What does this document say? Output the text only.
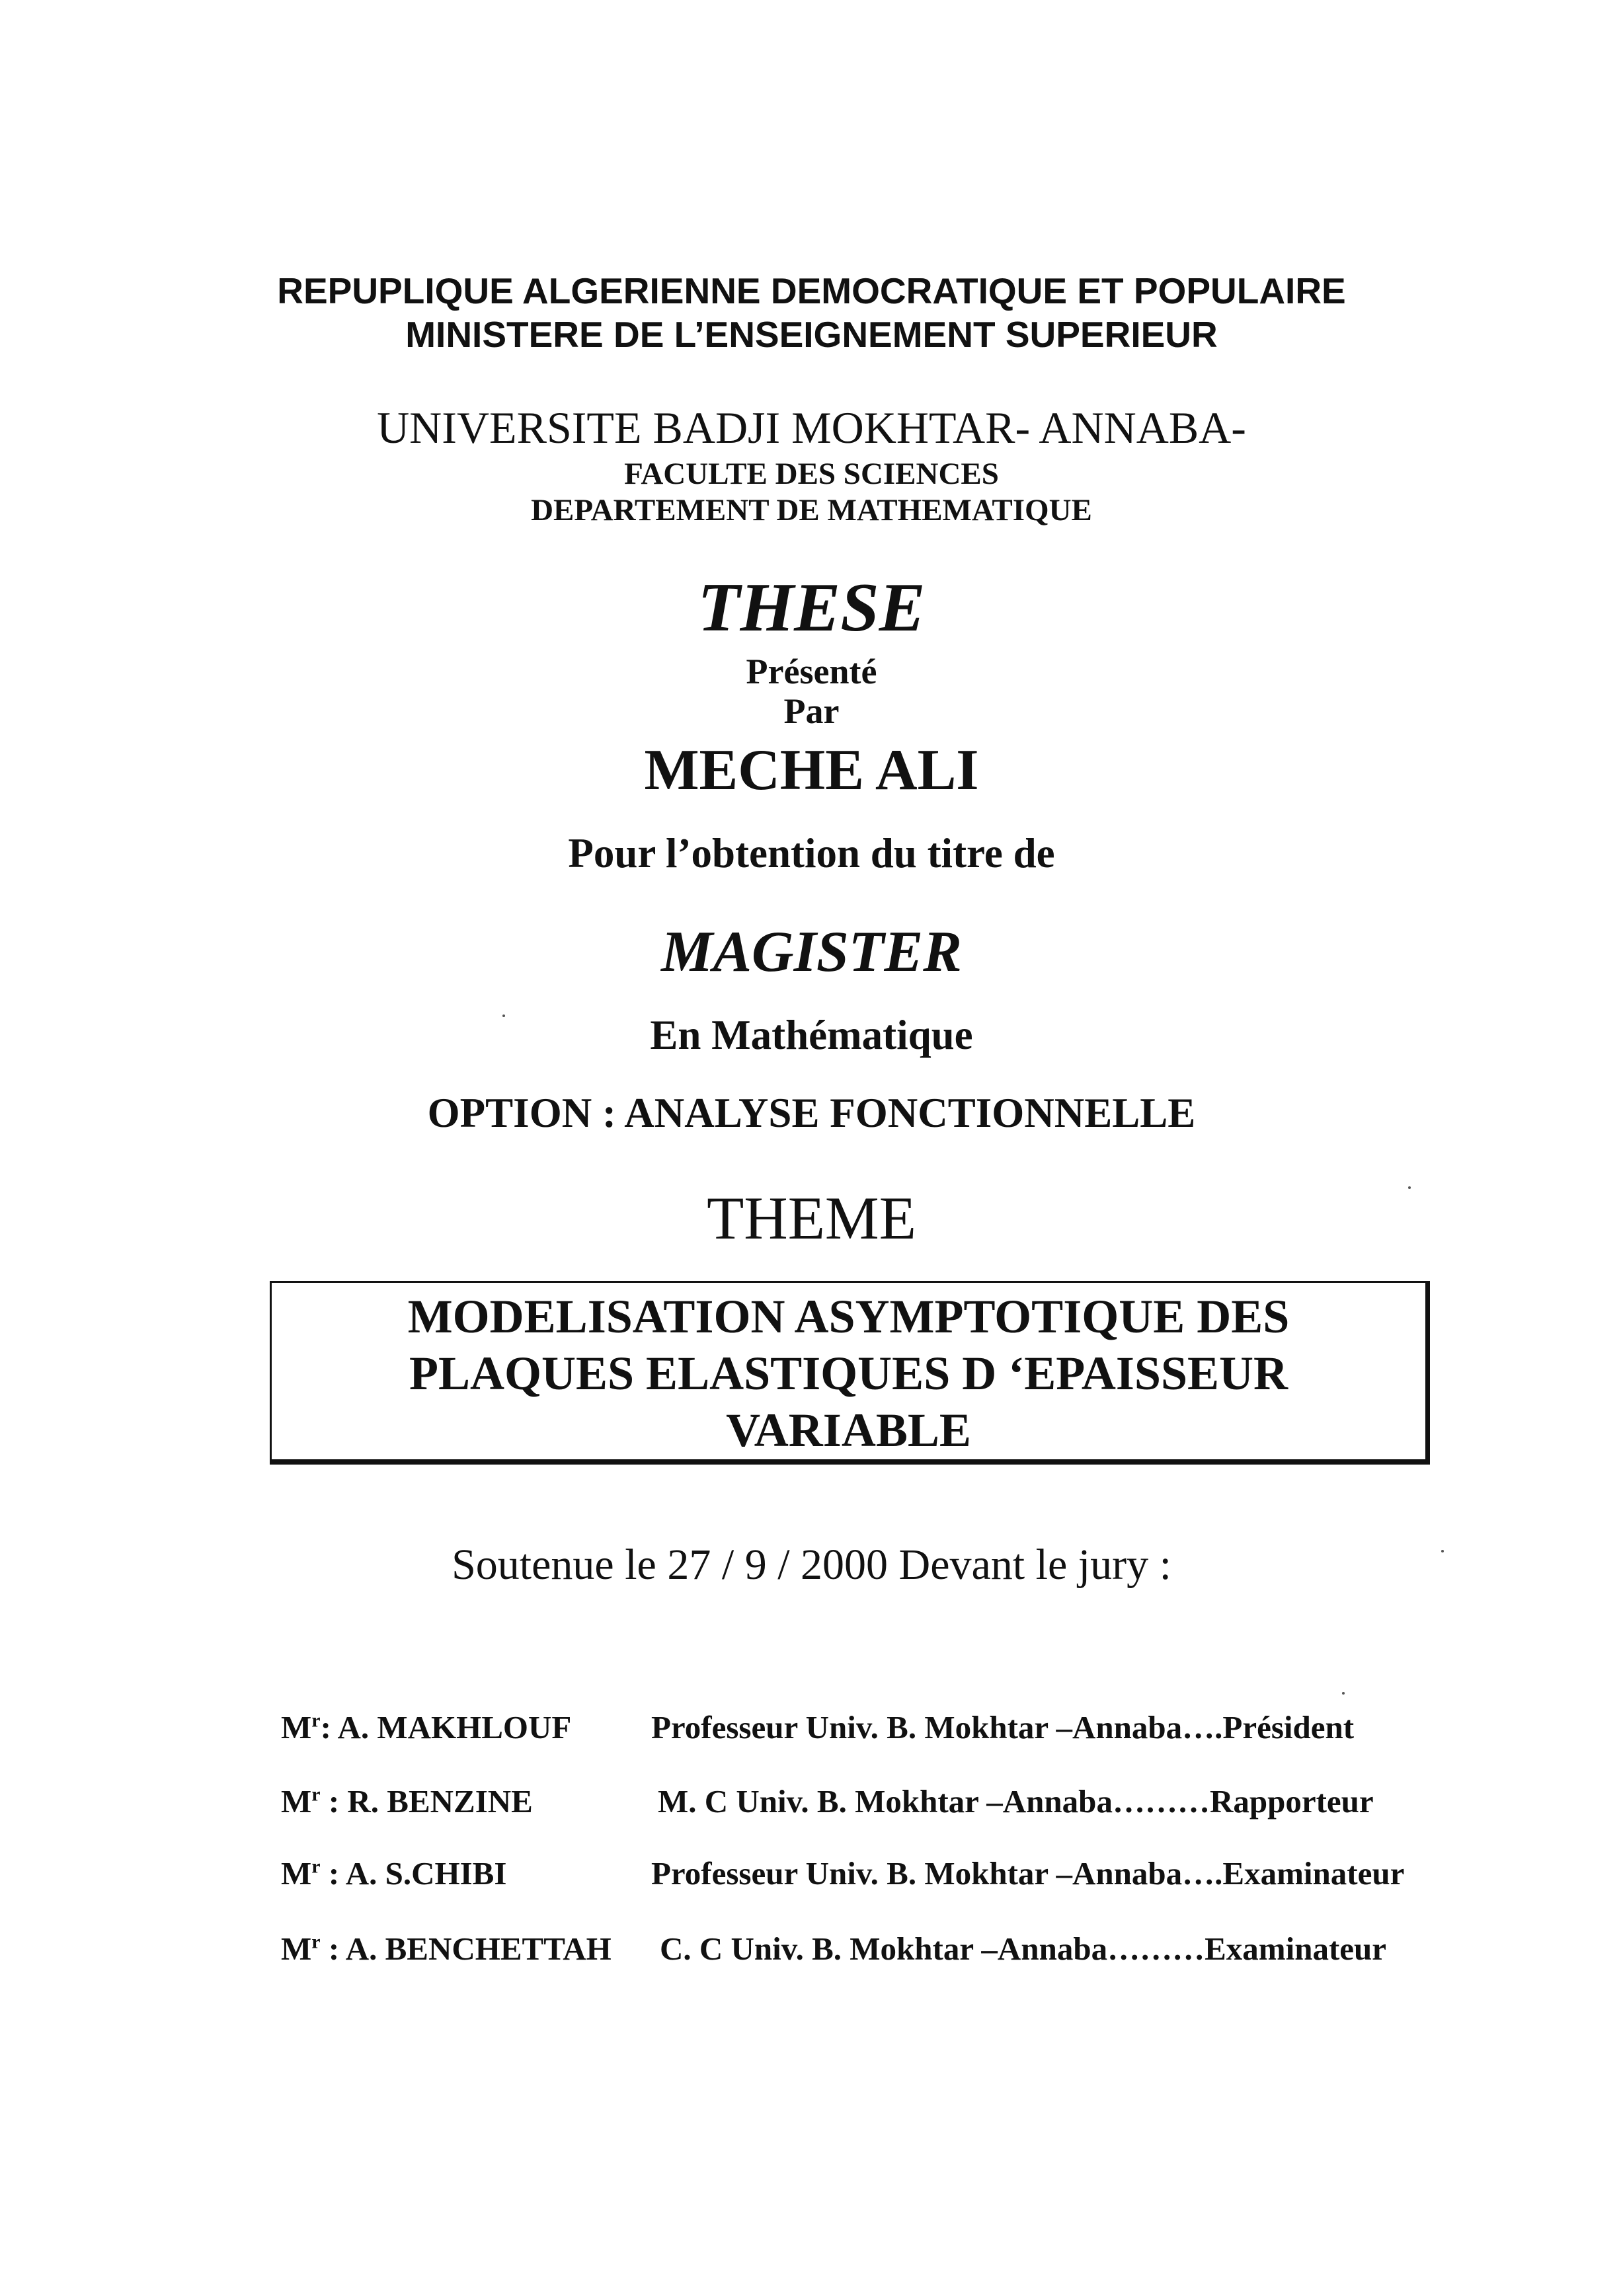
REPUPLIQUE ALGERIENNE DEMOCRATIQUE ET POPULAIRE
MINISTERE DE L’ENSEIGNEMENT SUPERIEUR
UNIVERSITE BADJI MOKHTAR- ANNABA-
FACULTE DES SCIENCES
DEPARTEMENT DE MATHEMATIQUE
THESE
Présenté
Par
MECHE ALI
Pour l’obtention du titre de
MAGISTER
En Mathématique
OPTION : ANALYSE FONCTIONNELLE
THEME
MODELISATION ASYMPTOTIQUE DES
PLAQUES ELASTIQUES D ‘EPAISSEUR
VARIABLE
Soutenue le 27 / 9 / 2000 Devant le jury :
$M^r$: A. MAKHLOUF Professeur Univ. B. Mokhtar –Annaba….Président
$M^r$ : R. BENZINE	M. C Univ. B. Mokhtar –Annaba………Rapporteur
$M^r$ : A. S.CHIBI	Professeur Univ. B. Mokhtar –Annaba….Examinateur
$M^r$ : A. BENCHETTAH C. C Univ. B. Mokhtar –Annaba………Examinateur
